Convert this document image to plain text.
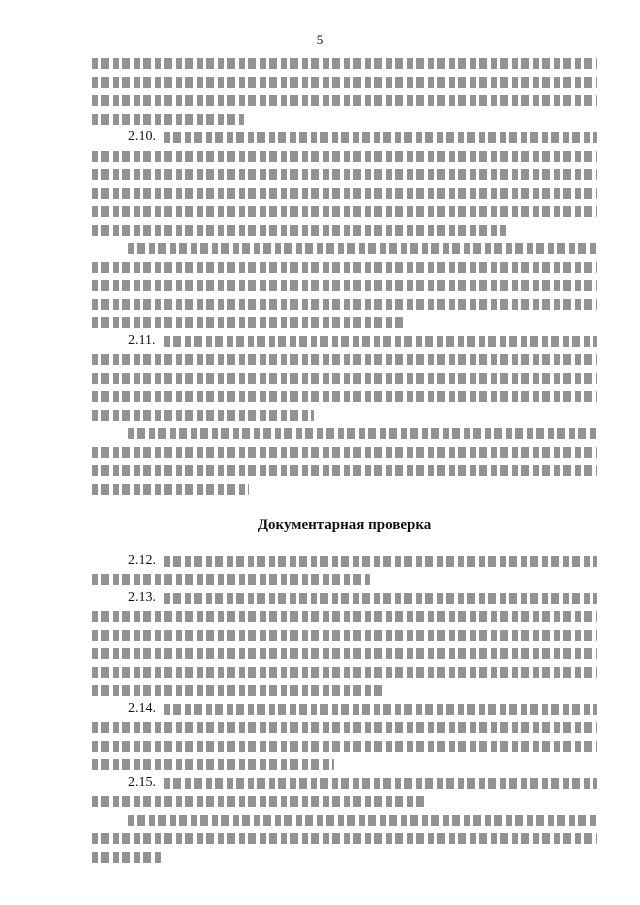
5
2.10.
2.11.
Документарная проверка
2.12.
2.13.
2.14.
2.15.
